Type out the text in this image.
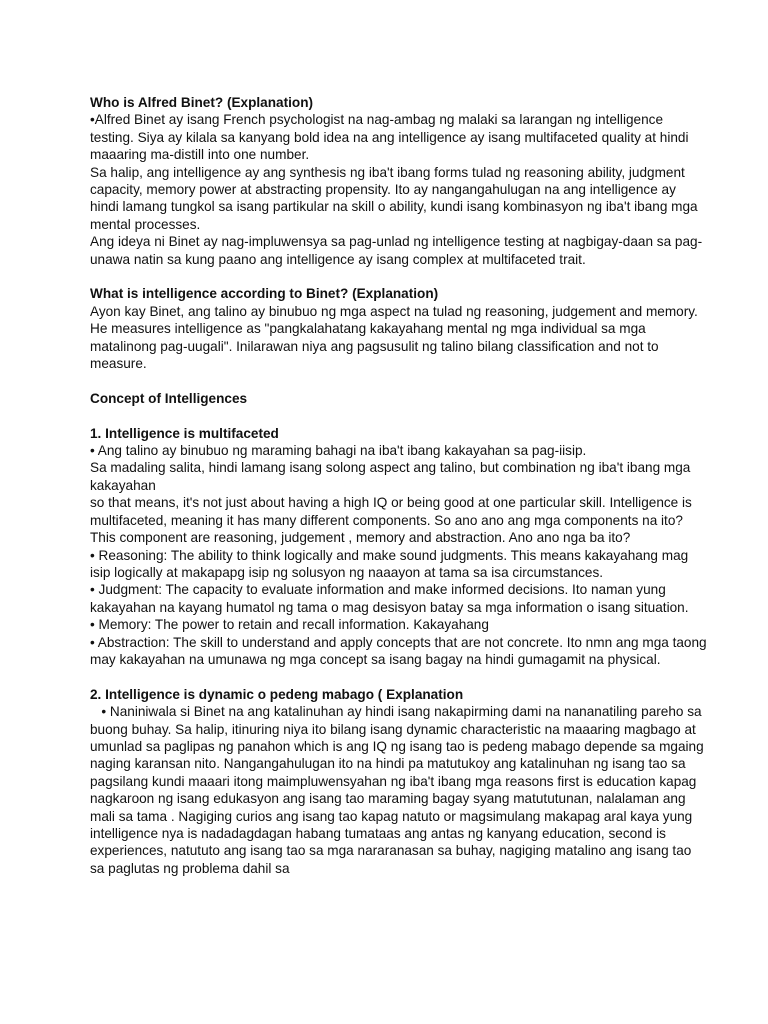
Who is Alfred Binet? (Explanation)

•Alfred Binet ay isang French psychologist na nag-ambag ng malaki sa larangan ng intelligence testing. Siya ay kilala sa kanyang bold idea na ang intelligence ay isang multifaceted quality at hindi maaaring ma-distill into one number.

Sa halip, ang intelligence ay ang synthesis ng iba't ibang forms tulad ng reasoning ability, judgment capacity, memory power at abstracting propensity. Ito ay nangangahulugan na ang intelligence ay hindi lamang tungkol sa isang partikular na skill o ability, kundi isang kombinasyon ng iba't ibang mga mental processes.

Ang ideya ni Binet ay nag-impluwensya sa pag-unlad ng intelligence testing at nagbigay-daan sa pag-unawa natin sa kung paano ang intelligence ay isang complex at multifaceted trait.

What is intelligence according to Binet? (Explanation)

Ayon kay Binet, ang talino ay binubuo ng mga aspect na tulad ng reasoning, judgement and memory. He measures intelligence as "pangkalahatang kakayahang mental ng mga individual sa mga matalinong pag-uugali". Inilarawan niya ang pagsusulit ng talino bilang classification and not to measure.

Concept of Intelligences

1. Intelligence is multifaceted

• Ang talino ay binubuo ng maraming bahagi na iba't ibang kakayahan sa pag-iisip.

Sa madaling salita, hindi lamang isang solong aspect ang talino, but combination ng iba't ibang mga kakayahan

so that means, it's not just about having a high IQ or being good at one particular skill. Intelligence is multifaceted, meaning it has many different components. So ano ano ang mga components na ito? This component are reasoning, judgement , memory and abstraction. Ano ano nga ba ito?

• Reasoning: The ability to think logically and make sound judgments. This means kakayahang mag isip logically at makapapg isip ng solusyon ng naaayon at tama sa isa circumstances.

• Judgment: The capacity to evaluate information and make informed decisions. Ito naman yung kakayahan na kayang humatol ng tama o mag desisyon batay sa mga information o isang situation.

• Memory: The power to retain and recall information. Kakayahang

• Abstraction: The skill to understand and apply concepts that are not concrete. Ito nmn ang mga taong may kakayahan na umunawa ng mga concept sa isang bagay na hindi gumagamit na physical.

2. Intelligence is dynamic o pedeng mabago ( Explanation

• Naniniwala si Binet na ang katalinuhan ay hindi isang nakapirming dami na nananatiling pareho sa buong buhay. Sa halip, itinuring niya ito bilang isang dynamic characteristic na maaaring magbago at umunlad sa paglipas ng panahon which is ang IQ ng isang tao is pedeng mabago depende sa mgaing naging karansan nito. Nangangahulugan ito na hindi pa matutukoy ang katalinuhan ng isang tao sa pagsilang kundi maaari itong maimpluwensyahan ng iba't ibang mga reasons first is education kapag nagkaroon ng isang edukasyon ang isang tao maraming bagay syang matututunan, nalalaman ang mali sa tama . Nagiging curios ang isang tao kapag natuto or magsimulang makapag aral kaya yung intelligence nya is nadadagdagan habang tumataas ang antas ng kanyang education, second is experiences, natututo ang isang tao sa mga nararanasan sa buhay, nagiging matalino ang isang tao sa paglutas ng problema dahil sa
